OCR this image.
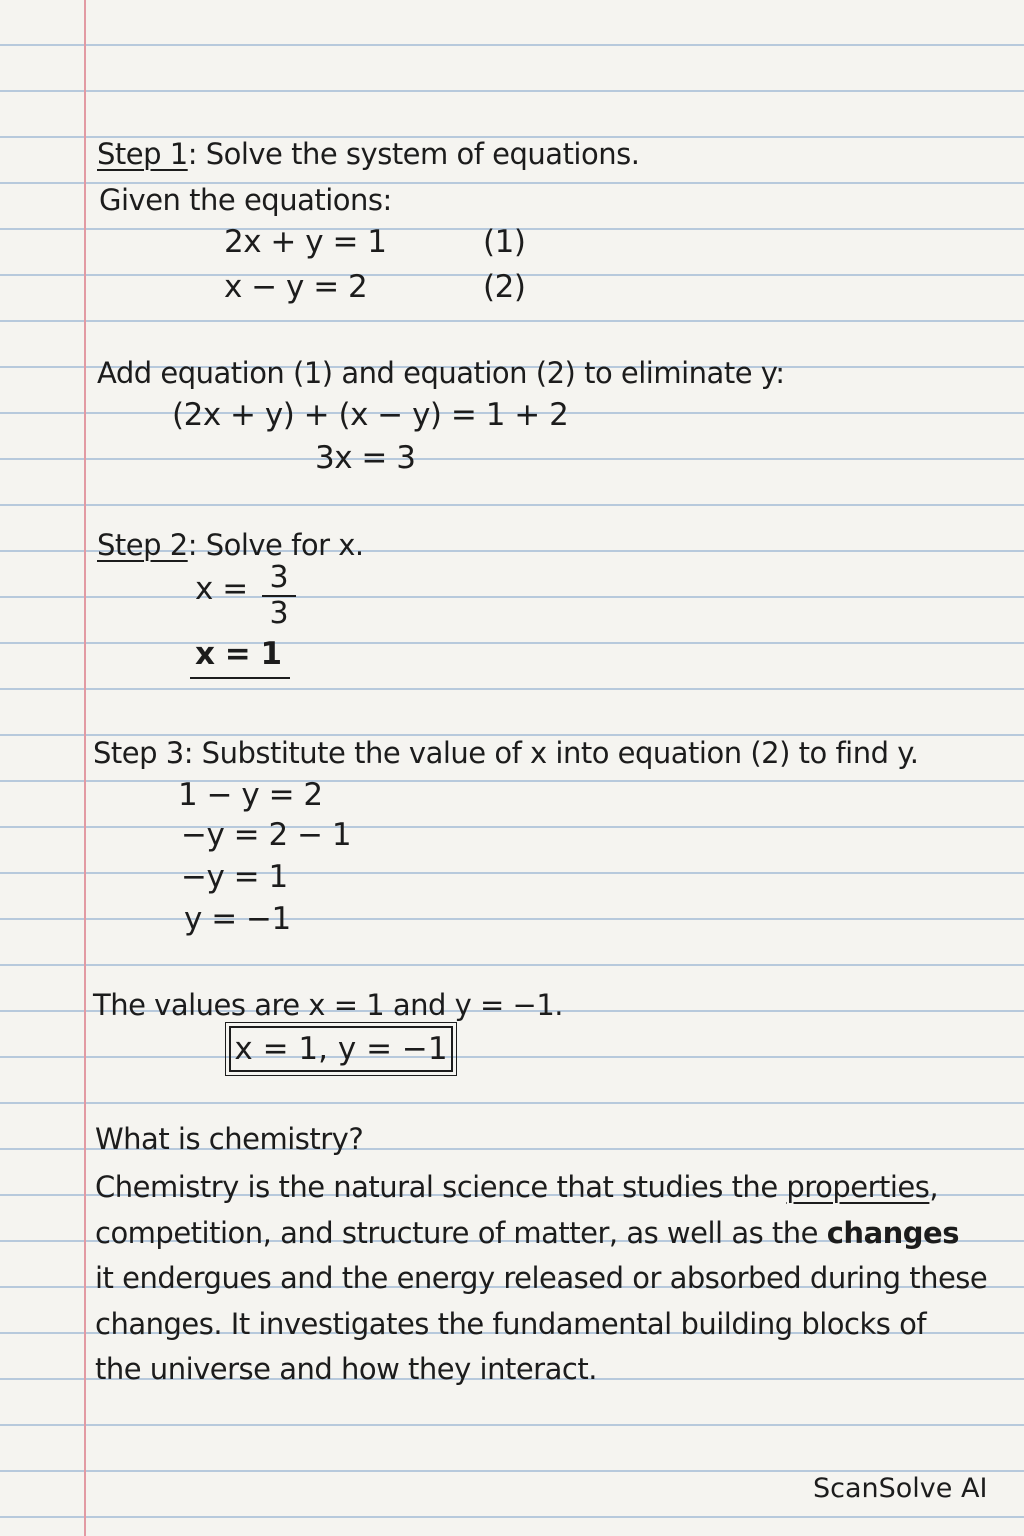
Step 1: Solve the system of equations.
Given the equations:
2x + y = 1	(1)
x − y = 2	(2)
Add equation (1) and equation (2) to eliminate y:
(2x + y) + (x − y) = 1 + 2
3x = 3
Step 2: Solve for x.
x = 3
3
x = 1
Step 3: Substitute the value of x into equation (2) to find y.
1 − y = 2
−y = 2 − 1
−y = 1
y = −1
The values are x = 1 and y = −1.
x = 1, y = −1
What is chemistry?
Chemistry is the natural science that studies the properties,
competition, and structure of matter, as well as the changes
it endergues and the energy released or absorbed during these
changes. It investigates the fundamental building blocks of
the universe and how they interact.
ScanSolve AI
